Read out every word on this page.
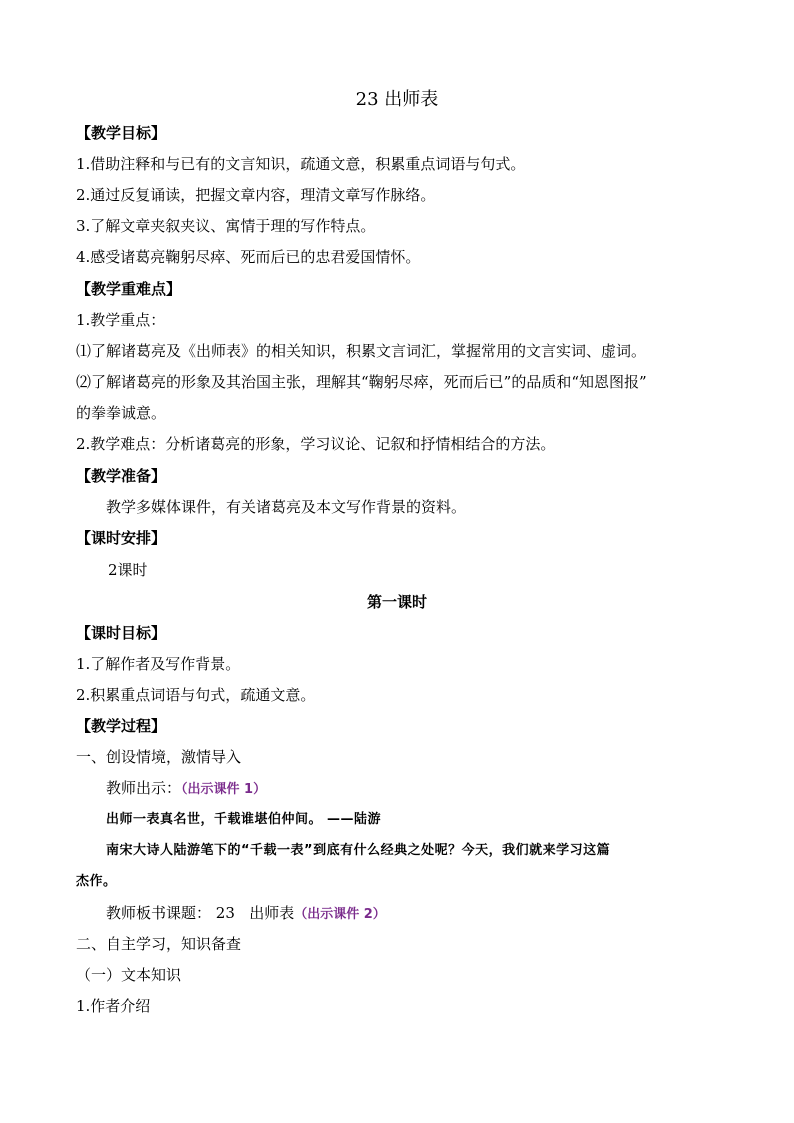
23 出师表
【教学目标】
1.借助注释和与已有的文言知识，疏通文意，积累重点词语与句式。
2.通过反复诵读，把握文章内容，理清文章写作脉络。
3.了解文章夹叙夹议、寓情于理的写作特点。
4.感受诸葛亮鞠躬尽瘁、死而后已的忠君爱国情怀。
【教学重难点】
1.教学重点：
⑴了解诸葛亮及《出师表》的相关知识，积累文言词汇，掌握常用的文言实词、虚词。
⑵了解诸葛亮的形象及其治国主张，理解其“鞠躬尽瘁，死而后已”的品质和“知恩图报”
的拳拳诚意。
2.教学难点：分析诸葛亮的形象，学习议论、记叙和抒情相结合的方法。
【教学准备】
教学多媒体课件，有关诸葛亮及本文写作背景的资料。
【课时安排】
2课时
第一课时
【课时目标】
1.了解作者及写作背景。
2.积累重点词语与句式，疏通文意。
【教学过程】
一、创设情境，激情导入
教师出示：（出示课件 1）
出师一表真名世，千载谁堪伯仲间。 ——陆游
南宋大诗人陆游笔下的“千载一表”到底有什么经典之处呢？今天，我们就来学习这篇
杰作。
教师板书课题： 23   出师表（出示课件 2）
二、自主学习，知识备查
（一）文本知识
1.作者介绍
